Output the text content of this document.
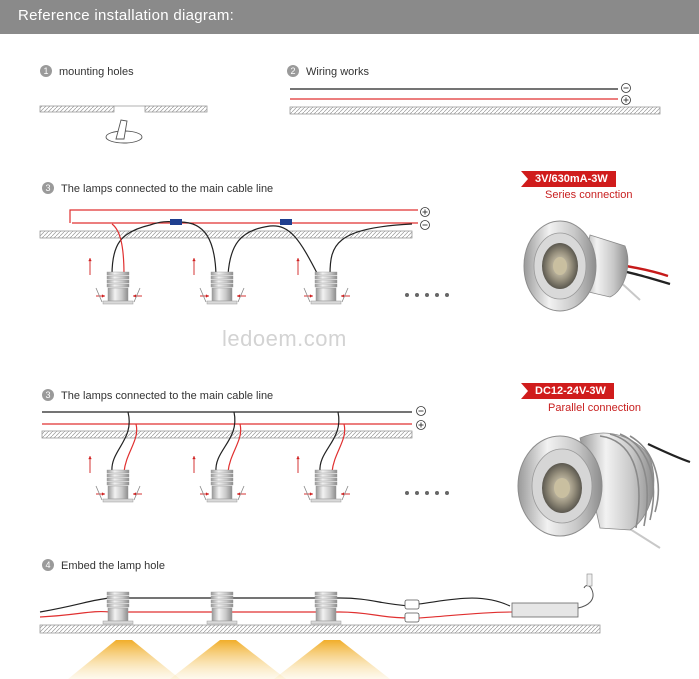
Reference installation diagram:
1 mounting holes	2 Wiring works
3 The lamps connected to the main cable line
3 The lamps connected to the main cable line
4 Embed the lamp hole
3V/630mA-3W
Series connection
DC12-24V-3W
Parallel connection
ledoem.com
